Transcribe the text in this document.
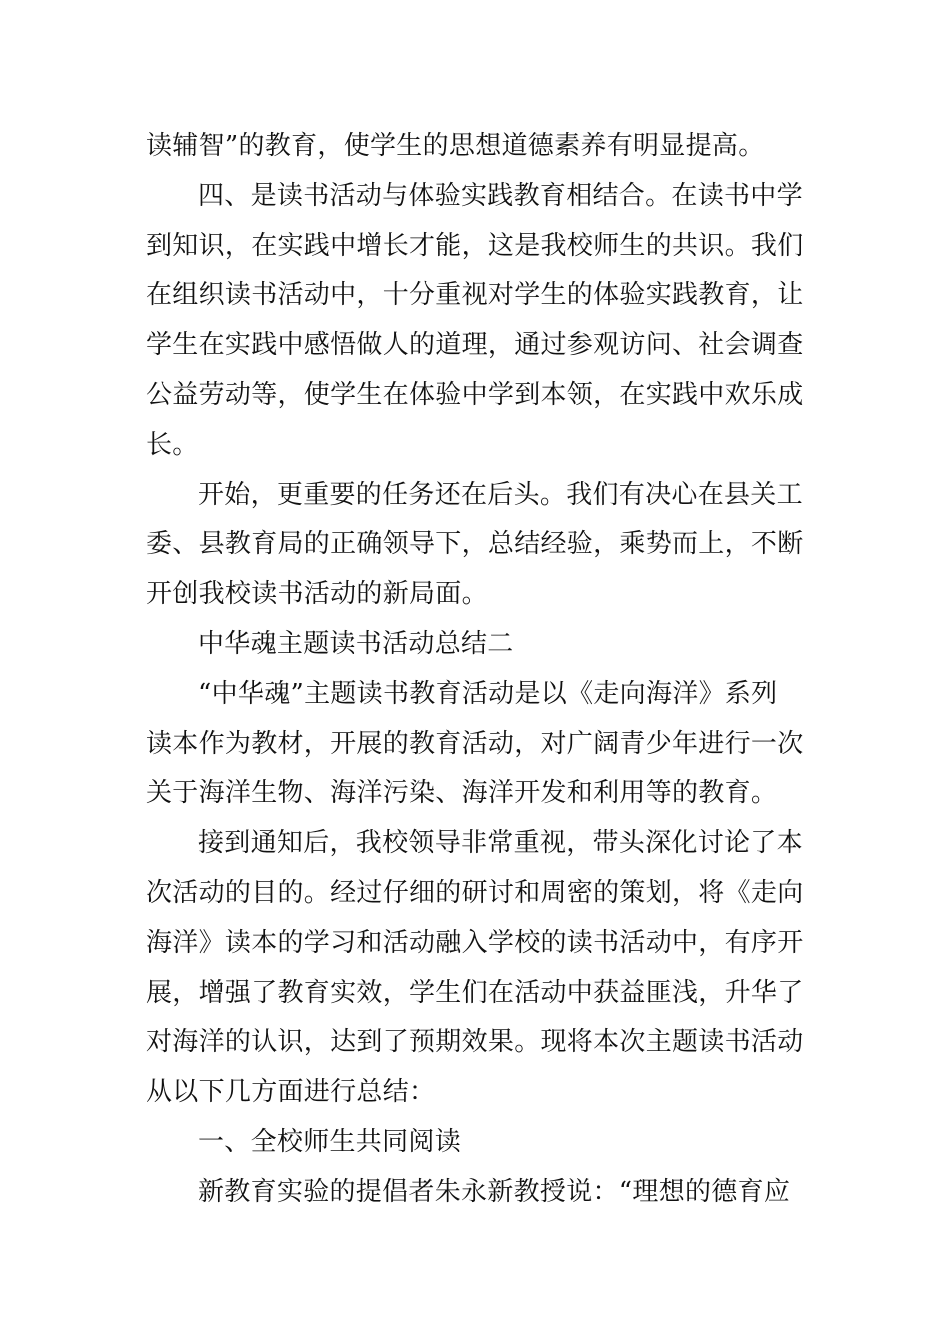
读辅智”的教育，使学生的思想道德素养有明显提高。
四、是读书活动与体验实践教育相结合。在读书中学
到知识，在实践中增长才能，这是我校师生的共识。我们
在组织读书活动中，十分重视对学生的体验实践教育，让
学生在实践中感悟做人的道理，通过参观访问、社会调查
公益劳动等，使学生在体验中学到本领，在实践中欢乐成
长。
开始，更重要的任务还在后头。我们有决心在县关工
委、县教育局的正确领导下，总结经验，乘势而上，不断
开创我校读书活动的新局面。
中华魂主题读书活动总结二
“中华魂”主题读书教育活动是以《走向海洋》系列
读本作为教材，开展的教育活动，对广阔青少年进行一次
关于海洋生物、海洋污染、海洋开发和利用等的教育。
接到通知后，我校领导非常重视，带头深化讨论了本
次活动的目的。经过仔细的研讨和周密的策划，将《走向
海洋》读本的学习和活动融入学校的读书活动中，有序开
展，增强了教育实效，学生们在活动中获益匪浅，升华了
对海洋的认识，达到了预期效果。现将本次主题读书活动
从以下几方面进行总结：
一、全校师生共同阅读
新教育实验的提倡者朱永新教授说：“理想的德育应
